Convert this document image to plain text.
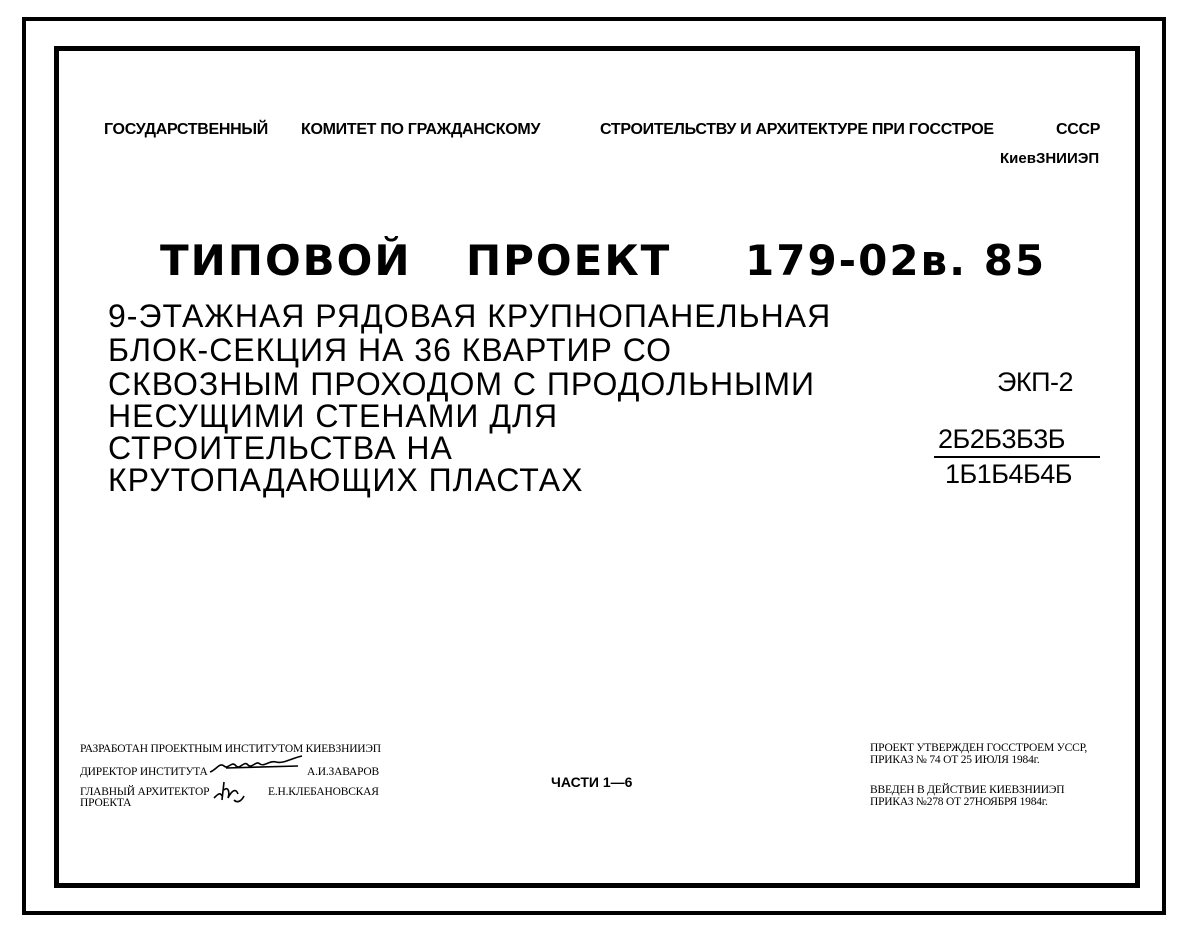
ГОСУДАРСТВЕННЫЙ КОМИТЕТ ПО ГРАЖДАНСКОМУ	СТРОИТЕЛЬСТВУ И АРХИТЕКТУРЕ ПРИ ГОССТРОЕ	СССР

КиевЗНИИЭП

ТИПОВОЙ ПРОЕКТ 179-02в. 85

9-ЭТАЖНАЯ РЯДОВАЯ КРУПНОПАНЕЛЬНАЯ

БЛОК-СЕКЦИЯ НА 36 КВАРТИР СО

СКВОЗНЫМ ПРОХОДОМ С ПРОДОЛЬНЫМИ

НЕСУЩИМИ СТЕНАМИ ДЛЯ

СТРОИТЕЛЬСТВА НА

КРУТОПАДАЮЩИХ ПЛАСТАХ

ЭКП-2

2Б2Б3Б3Б

1Б1Б4Б4Б

РАЗРАБОТАН ПРОЕКТНЫМ ИНСТИТУТОМ КИЕВЗНИИЭП

ДИРЕКТОР ИНСТИТУТА	А.И.ЗАВАРОВ

ГЛАВНЫЙ АРХИТЕКТОР

ПРОЕКТА

Е.Н.КЛЕБАНОВСКАЯ

ЧАСТИ 1—6

ПРОЕКТ УТВЕРЖДЕН ГОССТРОЕМ УССР,

ПРИКАЗ № 74 ОТ 25 ИЮЛЯ 1984г.

ВВЕДЕН В ДЕЙСТВИЕ КИЕВЗНИИЭП

ПРИКАЗ №278 ОТ 27НОЯБРЯ 1984г.
